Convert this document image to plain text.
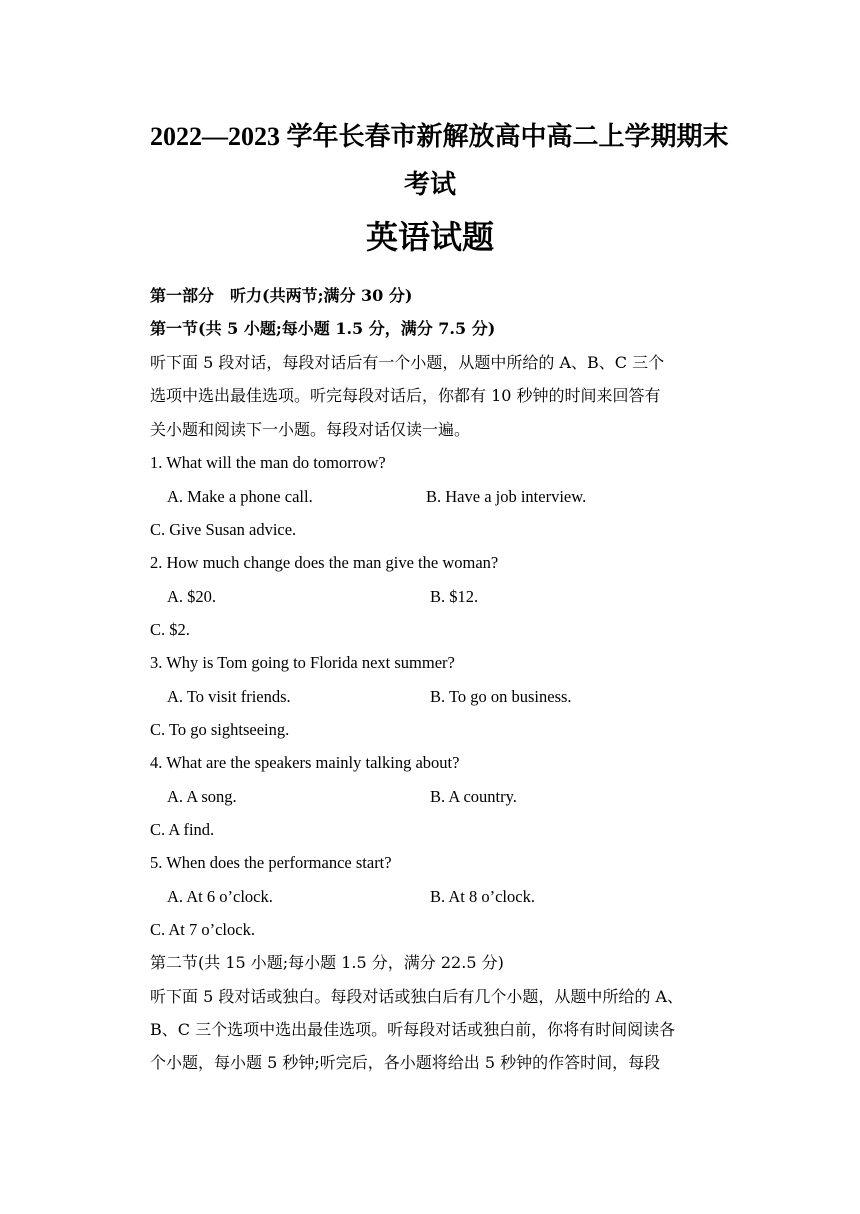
2022—2023 学年长春市新解放高中高二上学期期末
考试
英语试题
第一部分　听力(共两节;满分 30 分)
第一节(共 5 小题;每小题 1.5 分，满分 7.5 分)
听下面 5 段对话，每段对话后有一个小题，从题中所给的 A、B、C 三个
选项中选出最佳选项。听完每段对话后，你都有 10 秒钟的时间来回答有
关小题和阅读下一小题。每段对话仅读一遍。
1. What will the man do tomorrow?
A. Make a phone call.	B. Have a job interview.
C. Give Susan advice.
2. How much change does the man give the woman?
A. $20.	B. $12.
C. $2.
3. Why is Tom going to Florida next summer?
A. To visit friends.	B. To go on business.
C. To go sightseeing.
4. What are the speakers mainly talking about?
A. A song.	B. A country.
C. A find.
5. When does the performance start?
A. At 6 o’clock.	B. At 8 o’clock.
C. At 7 o’clock.
第二节(共 15 小题;每小题 1.5 分，满分 22.5 分)
听下面 5 段对话或独白。每段对话或独白后有几个小题，从题中所给的 A、
B、C 三个选项中选出最佳选项。听每段对话或独白前，你将有时间阅读各
个小题，每小题 5 秒钟;听完后，各小题将给出 5 秒钟的作答时间，每段
